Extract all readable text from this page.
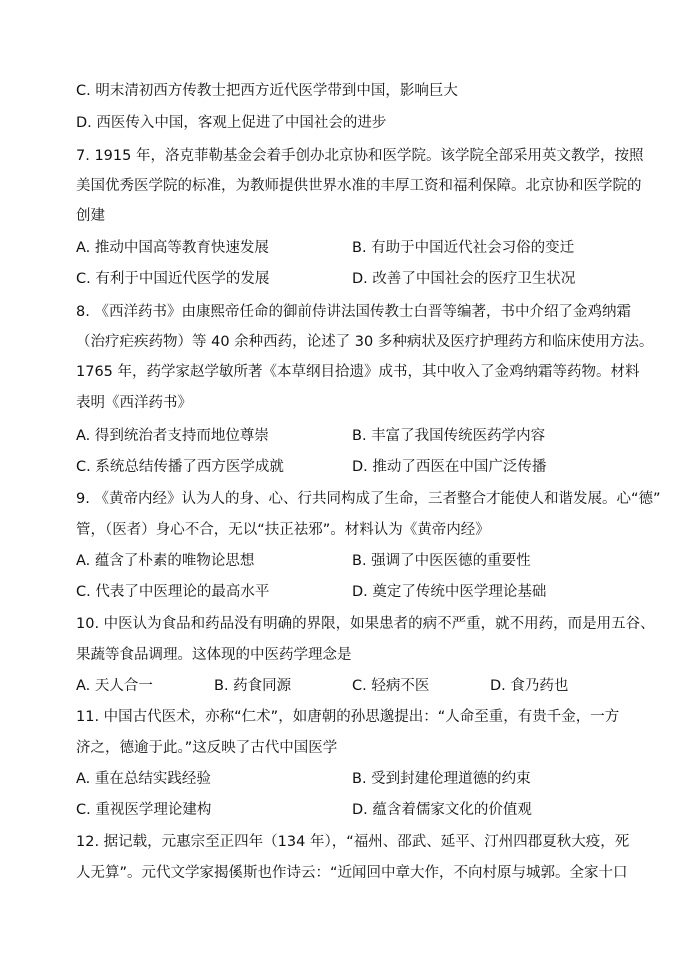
C. 明末清初西方传教士把西方近代医学带到中国，影响巨大
D. 西医传入中国，客观上促进了中国社会的进步
7. 1915 年，洛克菲勒基金会着手创办北京协和医学院。该学院全部采用英文教学，按照
美国优秀医学院的标准，为教师提供世界水准的丰厚工资和福利保障。北京协和医学院的
创建
A. 推动中国高等教育快速发展	B. 有助于中国近代社会习俗的变迁
C. 有利于中国近代医学的发展	D. 改善了中国社会的医疗卫生状况
8. 《西洋药书》由康熙帝任命的御前侍讲法国传教士白晋等编著，书中介绍了金鸡纳霜
（治疗疟疾药物）等 40 余种西药，论述了 30 多种病状及医疗护理药方和临床使用方法。
1765 年，药学家赵学敏所著《本草纲目拾遗》成书，其中收入了金鸡纳霜等药物。材料
表明《西洋药书》
A. 得到统治者支持而地位尊崇	B. 丰富了我国传统医药学内容
C. 系统总结传播了西方医学成就	D. 推动了西医在中国广泛传播
9. 《黄帝内经》认为人的身、心、行共同构成了生命，三者整合才能使人和谐发展。心“德”
管，（医者）身心不合，无以“扶正祛邪”。材料认为《黄帝内经》
A. 蕴含了朴素的唯物论思想	B. 强调了中医医德的重要性
C. 代表了中医理论的最高水平	D. 奠定了传统中医学理论基础
10. 中医认为食品和药品没有明确的界限，如果患者的病不严重，就不用药，而是用五谷、
果蔬等食品调理。这体现的中医药学理念是
A. 天人合一	B. 药食同源	C. 轻病不医	D. 食乃药也
11. 中国古代医术，亦称“仁术”，如唐朝的孙思邈提出：“人命至重，有贵千金，一方
济之，德逾于此。”这反映了古代中国医学
A. 重在总结实践经验	B. 受到封建伦理道德的约束
C. 重视医学理论建构	D. 蕴含着儒家文化的价值观
12. 据记载，元惠宗至正四年（134 年），“福州、邵武、延平、汀州四郡夏秋大疫，死
人无算”。元代文学家揭傒斯也作诗云：“近闻回中章大作，不向村原与城郭。全家十口
